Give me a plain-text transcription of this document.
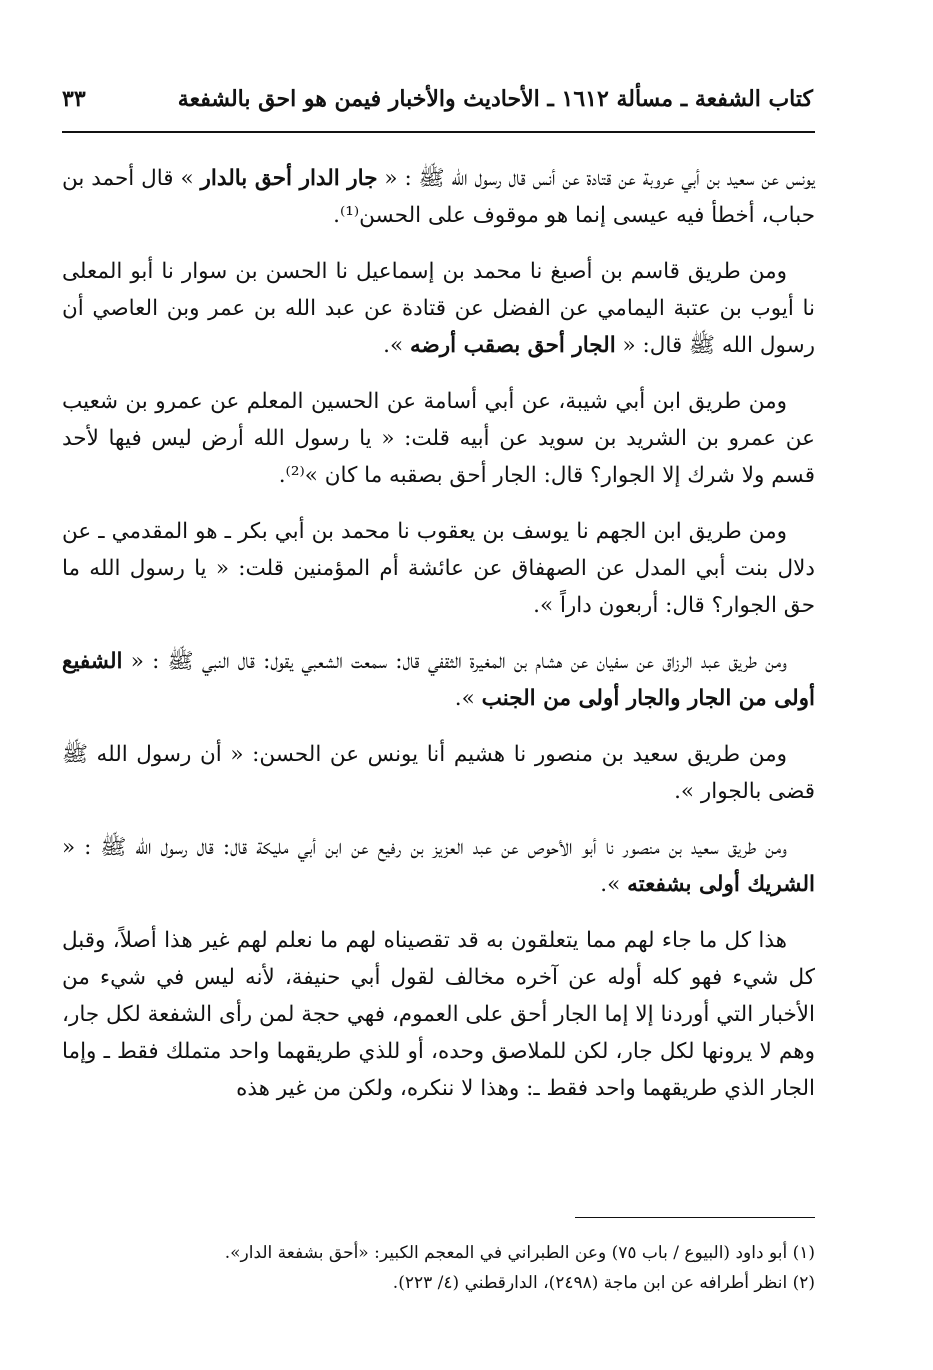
كتاب الشفعة ـ مسألة ١٦١٢ ـ الأحاديث والأخبار فيمن هو احق بالشفعة
٣٣

يونس عن سعيد بن أبي عروبة عن قتادة عن أنس قال رسول الله ﷺ : « جار الدار أحق بالدار » قال أحمد بن حباب، أخطأ فيه عيسى إنما هو موقوف على الحسن⁽¹⁾.

ومن طريق قاسم بن أصبغ نا محمد بن إسماعيل نا الحسن بن سوار نا أبو المعلى نا أيوب بن عتبة اليمامي عن الفضل عن قتادة عن عبد الله بن عمر وبن العاصي أن رسول الله ﷺ قال: « الجار أحق بصقب أرضه ».

ومن طريق ابن أبي شيبة، عن أبي أسامة عن الحسين المعلم عن عمرو بن شعيب عن عمرو بن الشريد بن سويد عن أبيه قلت: « يا رسول الله أرض ليس فيها لأحد قسم ولا شرك إلا الجوار؟ قال: الجار أحق بصقبه ما كان »⁽²⁾.

ومن طريق ابن الجهم نا يوسف بن يعقوب نا محمد بن أبي بكر ـ هو المقدمي ـ عن دلال بنت أبي المدل عن الصهفاق عن عائشة أم المؤمنين قلت: « يا رسول الله ما حق الجوار؟ قال: أربعون داراً ».

ومن طريق عبد الرزاق عن سفيان عن هشام بن المغيرة الثقفي قال: سمعت الشعبي يقول: قال النبي ﷺ : « الشفيع أولى من الجار والجار أولى من الجنب ».

ومن طريق سعيد بن منصور نا هشيم أنا يونس عن الحسن: « أن رسول الله ﷺ قضى بالجوار ».

ومن طريق سعيد بن منصور نا أبو الأحوص عن عبد العزيز بن رفيع عن ابن أبي مليكة قال: قال رسول الله ﷺ : « الشريك أولى بشفعته ».

هذا كل ما جاء لهم مما يتعلقون به قد تقصيناه لهم ما نعلم لهم غير هذا أصلاً، وقبل كل شيء فهو كله أوله عن آخره مخالف لقول أبي حنيفة، لأنه ليس في شيء من الأخبار التي أوردنا إلا إما الجار أحق على العموم، فهي حجة لمن رأى الشفعة لكل جار، وهم لا يرونها لكل جار، لكن للملاصق وحده، أو للذي طريقهما واحد متملك فقط ـ وإما الجار الذي طريقهما واحد فقط ـ: وهذا لا ننكره، ولكن من غير هذه

(١) أبو داود (البيوع / باب ٧٥) وعن الطبراني في المعجم الكبير: «أحق بشفعة الدار».

(٢) انظر أطرافه عن ابن ماجة (٢٤٩٨)، الدارقطني (٤/ ٢٢٣).
